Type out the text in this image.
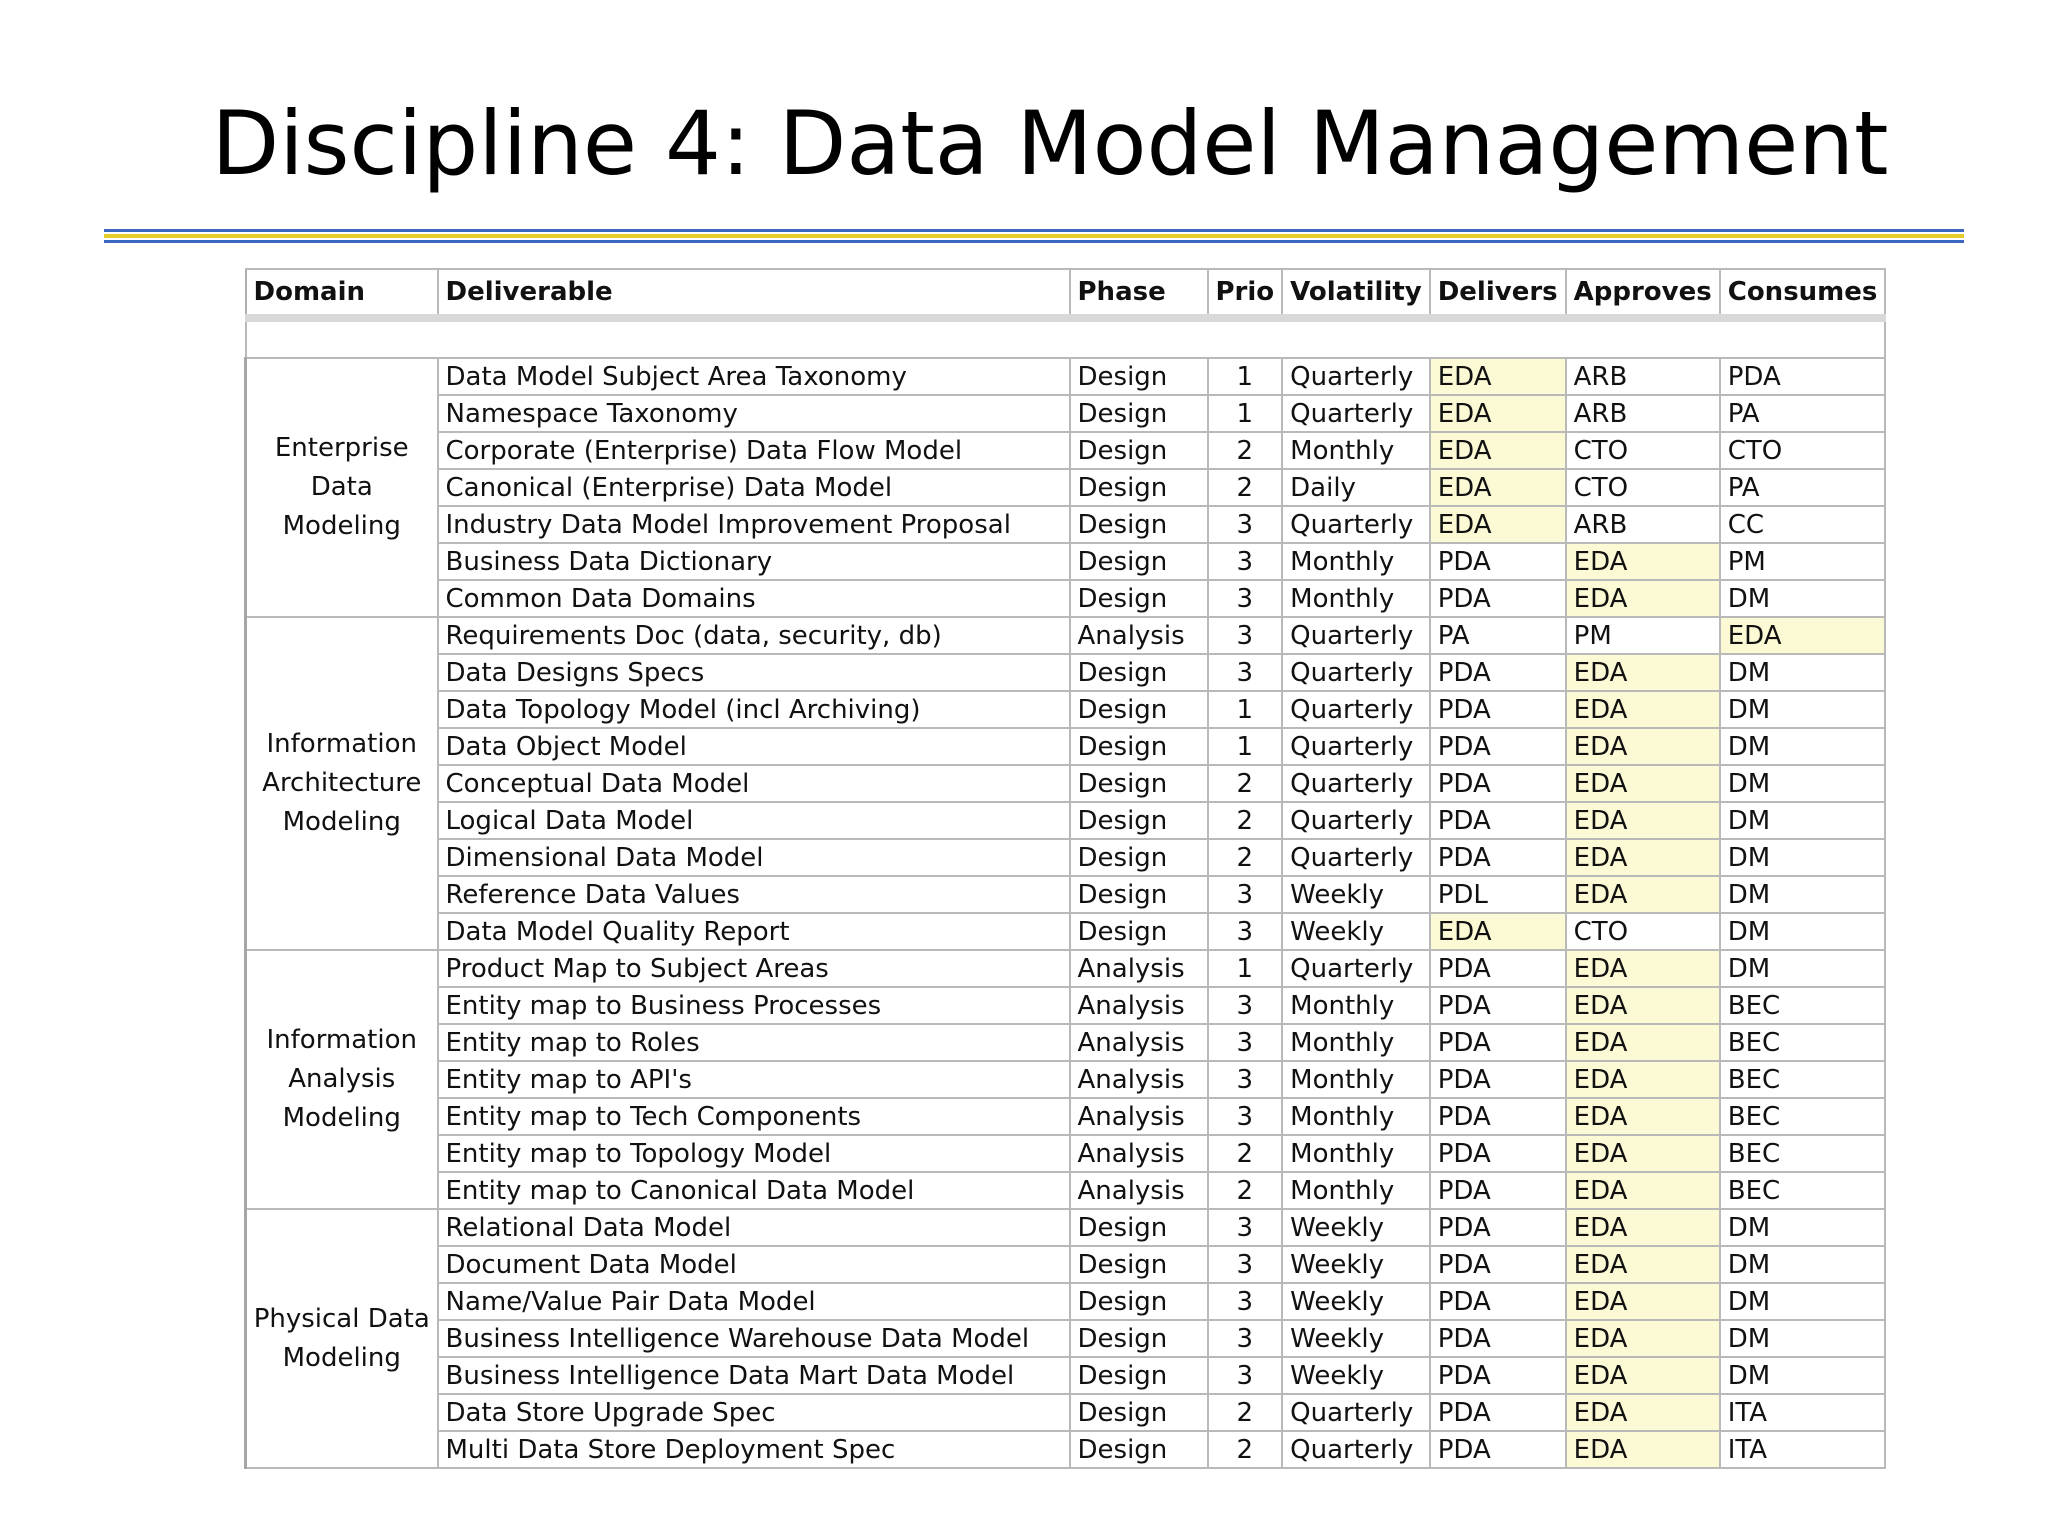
Discipline 4: Data Model Management
Domain	Deliverable	Phase	Prio	Volatility	Delivers	Approves	Consumes

Enterprise Data Modeling	Data Model Subject Area Taxonomy	Design	1	Quarterly	EDA	ARB	PDA
	Namespace Taxonomy	Design	1	Quarterly	EDA	ARB	PA
	Corporate (Enterprise) Data Flow Model	Design	2	Monthly	EDA	CTO	CTO
	Canonical (Enterprise) Data Model	Design	2	Daily	EDA	CTO	PA
	Industry Data Model Improvement Proposal	Design	3	Quarterly	EDA	ARB	CC
	Business Data Dictionary	Design	3	Monthly	PDA	EDA	PM
	Common Data Domains	Design	3	Monthly	PDA	EDA	DM
Information Architecture Modeling	Requirements Doc (data, security, db)	Analysis	3	Quarterly	PA	PM	EDA
	Data Designs Specs	Design	3	Quarterly	PDA	EDA	DM
	Data Topology Model (incl Archiving)	Design	1	Quarterly	PDA	EDA	DM
	Data Object Model	Design	1	Quarterly	PDA	EDA	DM
	Conceptual Data Model	Design	2	Quarterly	PDA	EDA	DM
	Logical Data Model	Design	2	Quarterly	PDA	EDA	DM
	Dimensional Data Model	Design	2	Quarterly	PDA	EDA	DM
	Reference Data Values	Design	3	Weekly	PDL	EDA	DM
	Data Model Quality Report	Design	3	Weekly	EDA	CTO	DM
Information Analysis Modeling	Product Map to Subject Areas	Analysis	1	Quarterly	PDA	EDA	DM
	Entity map to Business Processes	Analysis	3	Monthly	PDA	EDA	BEC
	Entity map to Roles	Analysis	3	Monthly	PDA	EDA	BEC
	Entity map to API's	Analysis	3	Monthly	PDA	EDA	BEC
	Entity map to Tech Components	Analysis	3	Monthly	PDA	EDA	BEC
	Entity map to Topology Model	Analysis	2	Monthly	PDA	EDA	BEC
	Entity map to Canonical Data Model	Analysis	2	Monthly	PDA	EDA	BEC
Physical Data Modeling	Relational Data Model	Design	3	Weekly	PDA	EDA	DM
	Document Data Model	Design	3	Weekly	PDA	EDA	DM
	Name/Value Pair Data Model	Design	3	Weekly	PDA	EDA	DM
	Business Intelligence Warehouse Data Model	Design	3	Weekly	PDA	EDA	DM
	Business Intelligence Data Mart Data Model	Design	3	Weekly	PDA	EDA	DM
	Data Store Upgrade Spec	Design	2	Quarterly	PDA	EDA	ITA
	Multi Data Store Deployment Spec	Design	2	Quarterly	PDA	EDA	ITA
